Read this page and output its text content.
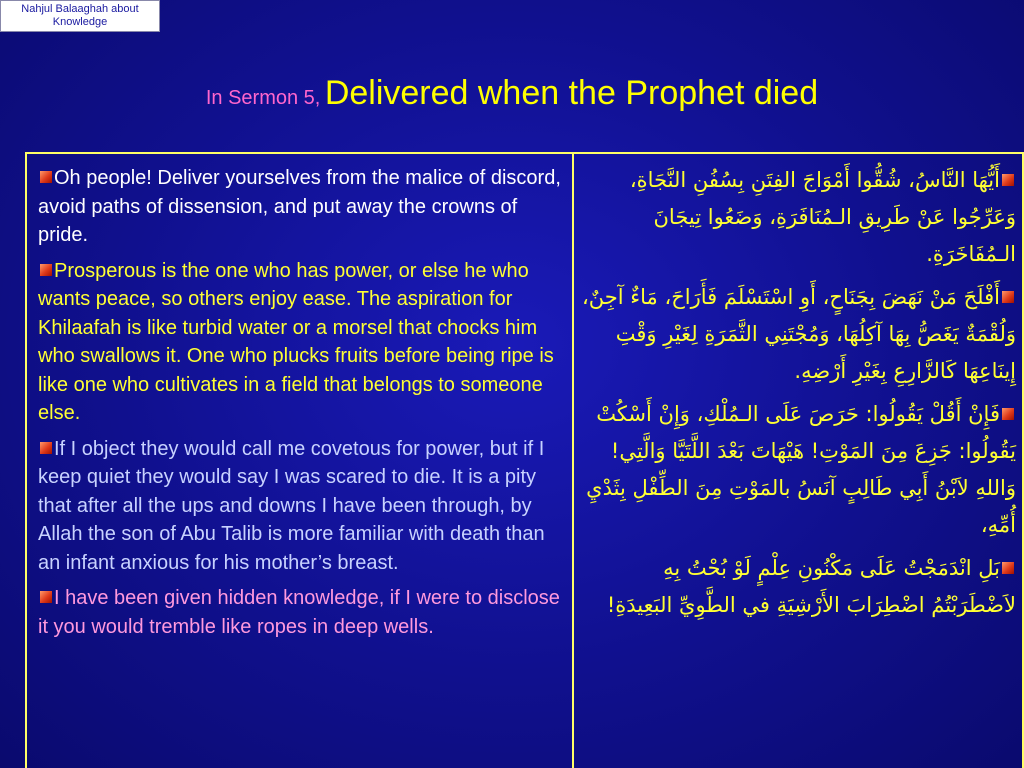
Nahjul Balaaghah about Knowledge
In Sermon 5, Delivered when the Prophet died

Oh people! Deliver yourselves from the malice of discord, avoid paths of dissension, and put away the crowns of pride.

Prosperous is the one who has power, or else he who wants peace, so others enjoy ease. The aspiration for Khilaafah is like turbid water or a morsel that chocks him who swallows it. One who plucks fruits before being ripe is like one who cultivates in a field that belongs to someone else.

If I object they would call me covetous for power, but if I keep quiet they would say I was scared to die. It is a pity that after all the ups and downs I have been through, by Allah the son of Abu Talib is more familiar with death than an infant anxious for his mother’s breast.

I have been given hidden knowledge, if I were to disclose it you would tremble like ropes in deep wells.

أَيُّهَا النَّاسُ، شُقُّوا أَمْوَاجَ الفِتَنِ بِسُفُنِ النَّجَاةِ، وَعَرِّجُوا عَنْ طَرِيقِ الـمُنَافَرَةِ، وَضَعُوا تِيجَانَ الـمُفَاخَرَةِ.

أَفْلَحَ مَنْ نَهَضَ بِجَنَاحٍ، أَوِ اسْتَسْلَمَ فَأَرَاحَ، مَاءٌ آجِنٌ، وَلُقْمَةٌ يَغَصُّ بِهَا آكِلُهَا، وَمُجْتَنِي الثَّمَرَةِ لِغَيْرِ وَقْتِ إِينَاعِهَا كَالزَّارِعِ بِغَيْرِ أَرْضِهِ.

فَإِنْ أَقُلْ يَقُولُوا: حَرَصَ عَلَى الـمُلْكِ، وَإِنْ أَسْكُتْ يَقُولُوا: جَزِعَ مِنَ المَوْتِ! هَيْهَاتَ بَعْدَ اللَّتَيَّا وَالَّتِي! وَاللهِ لاَبْنُ أَبِي طَالِبٍ آنَسُ بالمَوْتِ مِنَ الطِّفْلِ بِثَدْيِ أُمِّهِ،

بَلِ انْدَمَجْتُ عَلَى مَكْنُونِ عِلْمٍ لَوْ بُحْتُ بِهِ لاَضْطَرَبْتُمُ اضْطِرَابَ الأَرْشِيَةِ في الطَّوِيِّ البَعِيدَةِ!
